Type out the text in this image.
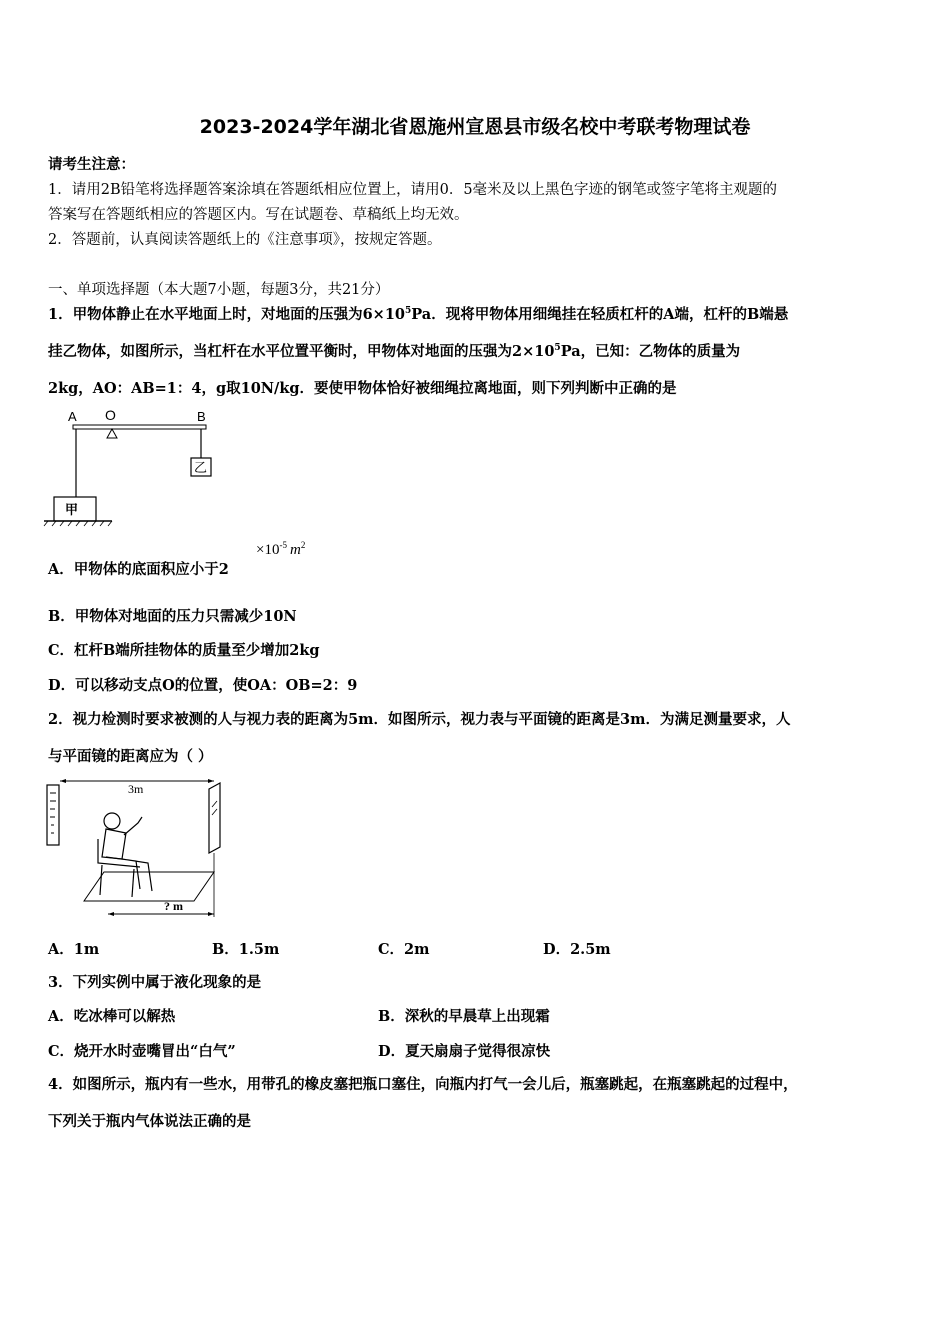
2023-2024学年湖北省恩施州宣恩县市级名校中考联考物理试卷
请考生注意：
1．请用2B铅笔将选择题答案涂填在答题纸相应位置上，请用0．5毫米及以上黑色字迹的钢笔或签字笔将主观题的
答案写在答题纸相应的答题区内。写在试题卷、草稿纸上均无效。
2．答题前，认真阅读答题纸上的《注意事项》，按规定答题。
一、单项选择题（本大题7小题，每题3分，共21分）
1．甲物体静止在水平地面上时，对地面的压强为$6\times 10^5Pa$．现将甲物体用细绳挂在轻质杠杆的A端，杠杆的B端悬
挂乙物体，如图所示，当杠杆在水平位置平衡时，甲物体对地面的压强为$2\times 10^5Pa$，已知：乙物体的质量为
2kg，AO：AB=1：4，g取10N/kg．要使甲物体恰好被细绳拉离地面，则下列判断中正确的是
A O	B
乙
甲
A．甲物体的底面积应小于2
$\times 10^{-5}$ $m^2$
B．甲物体对地面的压力只需减少10N
C．杠杆B端所挂物体的质量至少增加2kg
D．可以移动支点O的位置，使OA：OB=2：9
2．视力检测时要求被测的人与视力表的距离为5m．如图所示，视力表与平面镜的距离是3m．为满足测量要求，人
与平面镜的距离应为（ ）
3m
? m
A．1m	B．1.5m	C．2m	D．2.5m
3．下列实例中属于液化现象的是
A．吃冰棒可以解热	B．深秋的早晨草上出现霜
C．烧开水时壶嘴冒出“白气”	D．夏天扇扇子觉得很凉快
4．如图所示，瓶内有一些水，用带孔的橡皮塞把瓶口塞住，向瓶内打气一会儿后，瓶塞跳起，在瓶塞跳起的过程中，
下列关于瓶内气体说法正确的是
